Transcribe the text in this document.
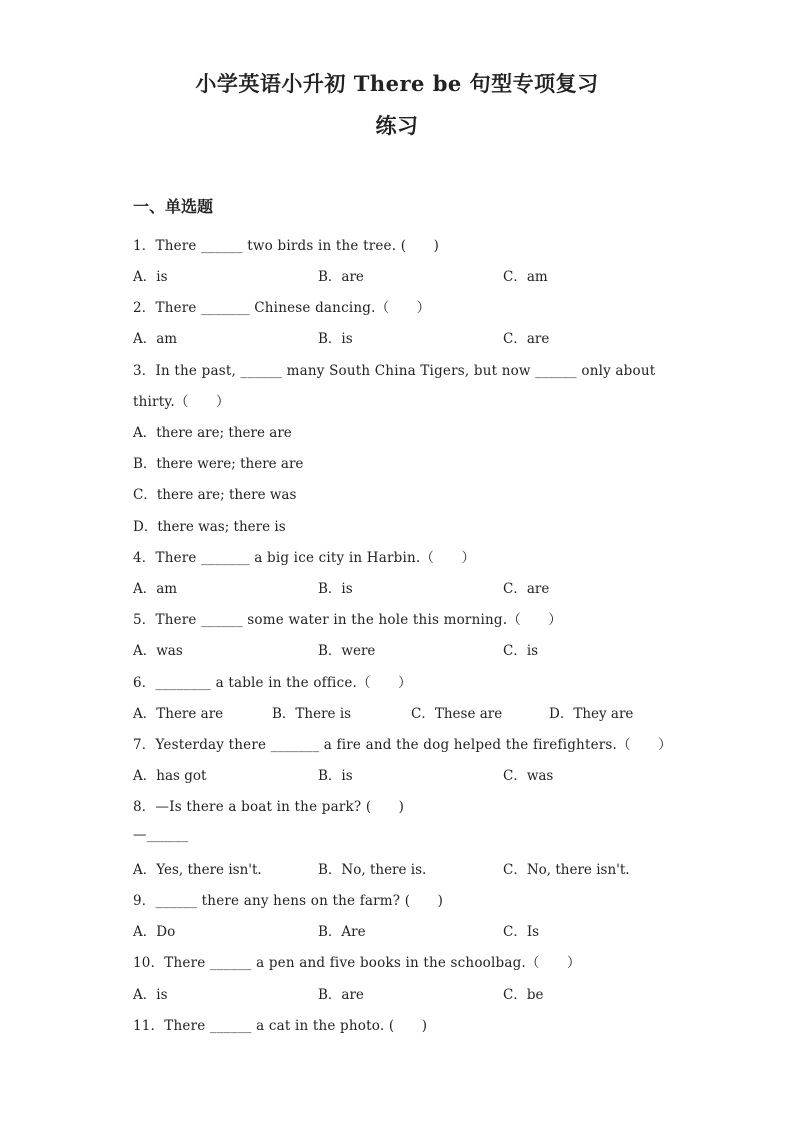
小学英语小升初 There be 句型专项复习
练习
一、单选题
1．There ______ two birds in the tree. (　　)
A．is	B．are	C．am
2．There _______ Chinese dancing.（　　）
A．am	B．is	C．are
3．In the past, ______ many South China Tigers, but now ______ only about
thirty.（　　）
A．there are; there are
B．there were; there are
C．there are; there was
D．there was; there is
4．There _______ a big ice city in Harbin.（　　）
A．am	B．is	C．are
5．There ______ some water in the hole this morning.（　　）
A．was	B．were	C．is
6．________ a table in the office.（　　）
A．There are	B．There is	C．These are	D．They are
7．Yesterday there _______ a fire and the dog helped the firefighters.（　　）
A．has got	B．is	C．was
8．—Is there a boat in the park? (　　)
—______
A．Yes, there isn't.	B．No, there is.	C．No, there isn't.
9．______ there any hens on the farm? (　　)
A．Do	B．Are	C．Is
10．There ______ a pen and five books in the schoolbag.（　　）
A．is	B．are	C．be
11．There ______ a cat in the photo. (　　)
